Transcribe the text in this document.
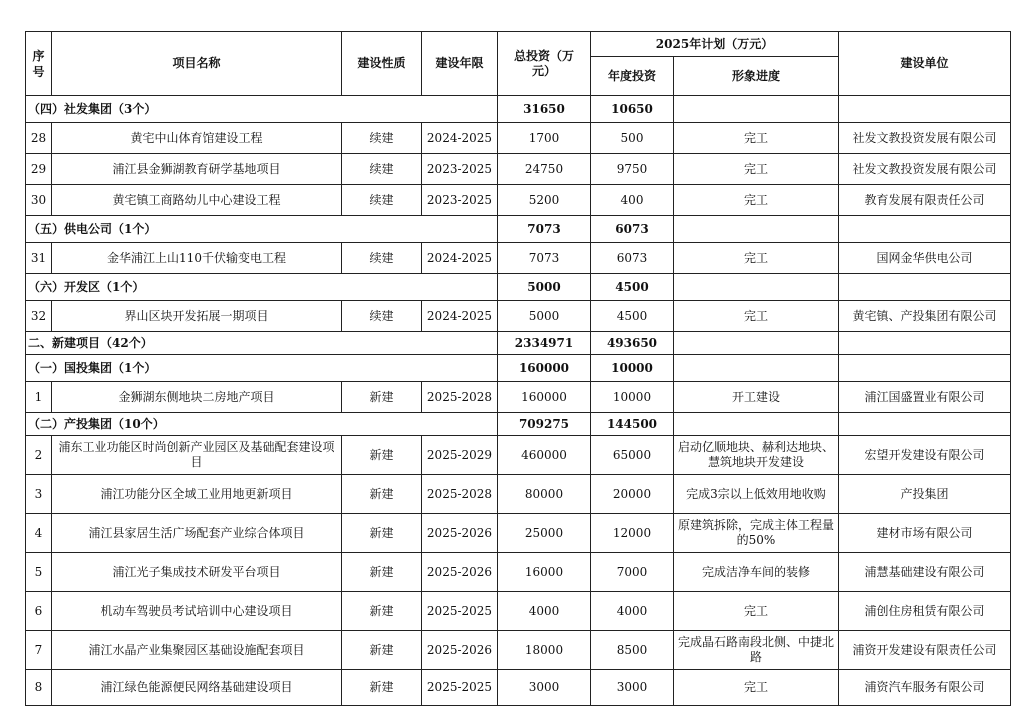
序号	项目名称	建设性质	建设年限	总投资（万元）	2025年计划（万元）		建设单位
					年度投资	形象进度	
（四）社发集团（3个）				31650	10650		
28	黄宅中山体育馆建设工程	续建	2024-2025	1700	500	完工	社发文教投资发展有限公司
29	浦江县金狮湖教育研学基地项目	续建	2023-2025	24750	9750	完工	社发文教投资发展有限公司
30	黄宅镇工商路幼儿中心建设工程	续建	2023-2025	5200	400	完工	教育发展有限责任公司
（五）供电公司（1个）				7073	6073		
31	金华浦江上山110千伏输变电工程	续建	2024-2025	7073	6073	完工	国网金华供电公司
（六）开发区（1个）				5000	4500		
32	界山区块开发拓展一期项目	续建	2024-2025	5000	4500	完工	黄宅镇、产投集团有限公司
二、新建项目（42个）				2334971	493650		
（一）国投集团（1个）				160000	10000		
1	金狮湖东侧地块二房地产项目	新建	2025-2028	160000	10000	开工建设	浦江国盛置业有限公司
（二）产投集团（10个）				709275	144500		
2	浦东工业功能区时尚创新产业园区及基础配套建设项目	新建	2025-2029	460000	65000	启动亿顺地块、赫利达地块、慧筑地块开发建设	宏望开发建设有限公司
3	浦江功能分区全域工业用地更新项目	新建	2025-2028	80000	20000	完成3宗以上低效用地收购	产投集团
4	浦江县家居生活广场配套产业综合体项目	新建	2025-2026	25000	12000	原建筑拆除，完成主体工程量的50%	建材市场有限公司
5	浦江光子集成技术研发平台项目	新建	2025-2026	16000	7000	完成洁净车间的装修	浦慧基础建设有限公司
6	机动车驾驶员考试培训中心建设项目	新建	2025-2025	4000	4000	完工	浦创住房租赁有限公司
7	浦江水晶产业集聚园区基础设施配套项目	新建	2025-2026	18000	8500	完成晶石路南段北侧、中捷北路	浦资开发建设有限责任公司
8	浦江绿色能源便民网络基础建设项目	新建	2025-2025	3000	3000	完工	浦资汽车服务有限公司
